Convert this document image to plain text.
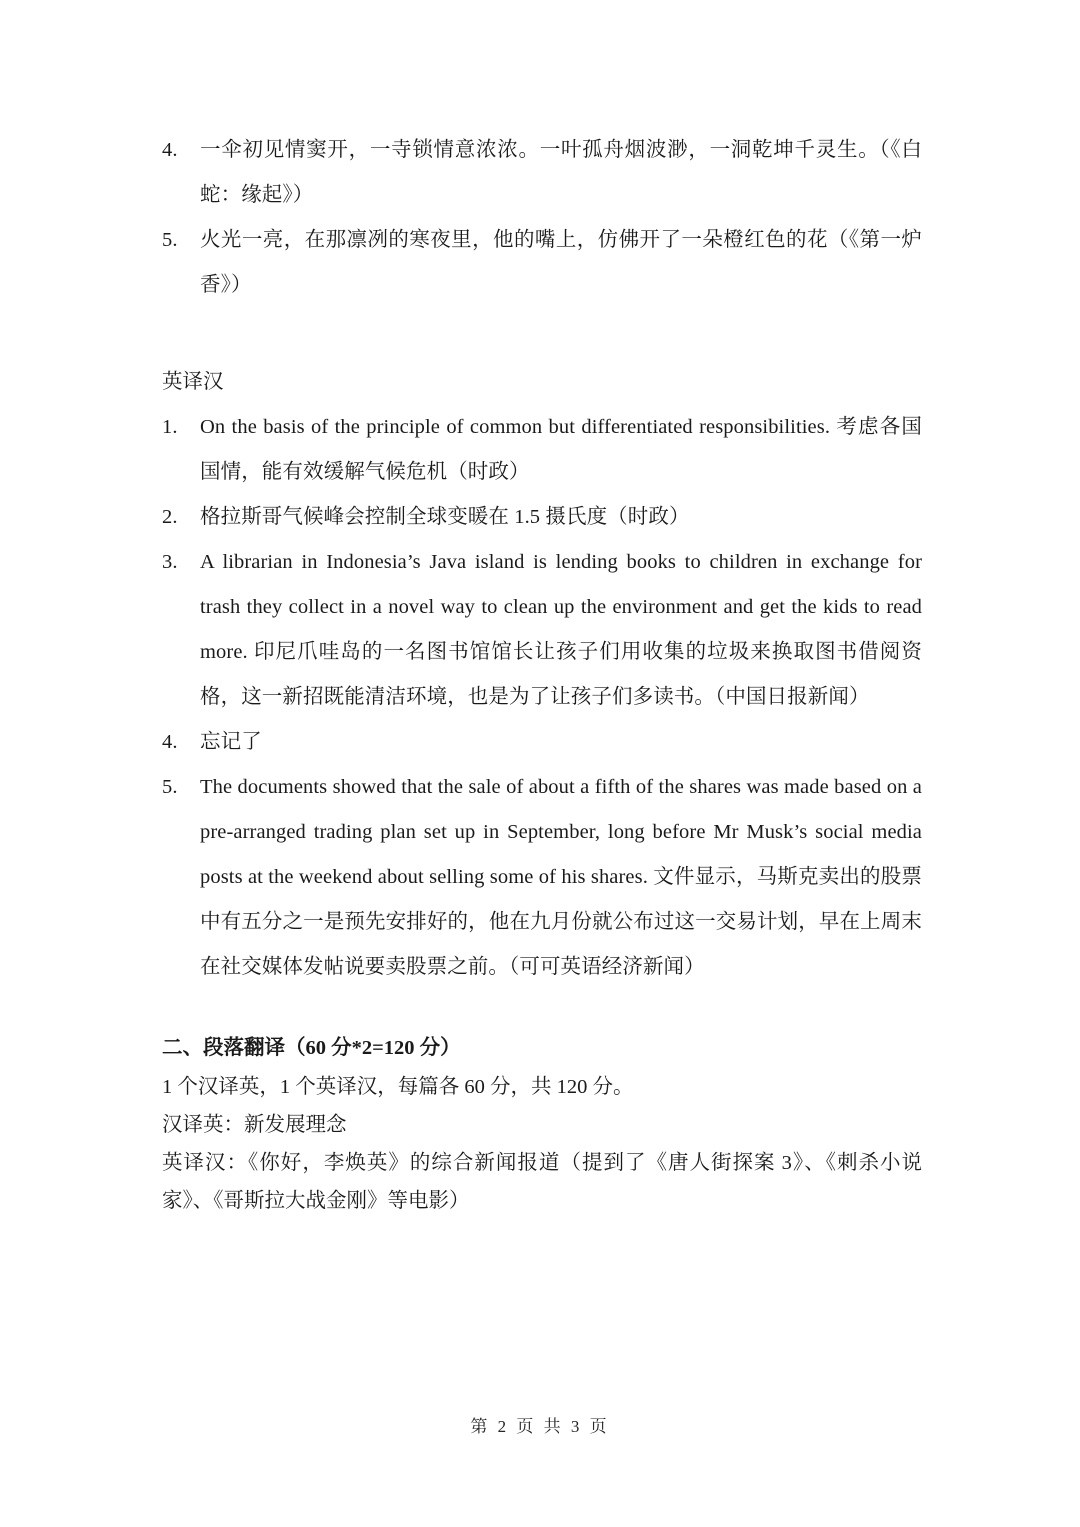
4.	一伞初见情窦开，一寺锁情意浓浓。一叶孤舟烟波渺，一洞乾坤千灵生。（《白蛇：缘起》）
5.	火光一亮，在那凛冽的寒夜里，他的嘴上，仿佛开了一朵橙红色的花（《第一炉香》）
英译汉
1.	On the basis of the principle of common but differentiated responsibilities. 考虑各国国情，能有效缓解气候危机（时政）
2.	格拉斯哥气候峰会控制全球变暖在 1.5 摄氏度（时政）
3.	A librarian in Indonesia’s Java island is lending books to children in exchange for trash they collect in a novel way to clean up the environment and get the kids to read more. 印尼爪哇岛的一名图书馆馆长让孩子们用收集的垃圾来换取图书借阅资格，这一新招既能清洁环境，也是为了让孩子们多读书。（中国日报新闻）
4.	忘记了
5.	The documents showed that the sale of about a fifth of the shares was made based on a pre-arranged trading plan set up in September, long before Mr Musk’s social media posts at the weekend about selling some of his shares. 文件显示，马斯克卖出的股票中有五分之一是预先安排好的，他在九月份就公布过这一交易计划，早在上周末在社交媒体发帖说要卖股票之前。（可可英语经济新闻）
二、段落翻译（60 分*2=120 分）
1 个汉译英，1 个英译汉，每篇各 60 分，共 120 分。
汉译英：新发展理念
英译汉：《你好，李焕英》的综合新闻报道（提到了《唐人街探案 3》、《刺杀小说家》、《哥斯拉大战金刚》等电影）
第 2 页 共 3 页
